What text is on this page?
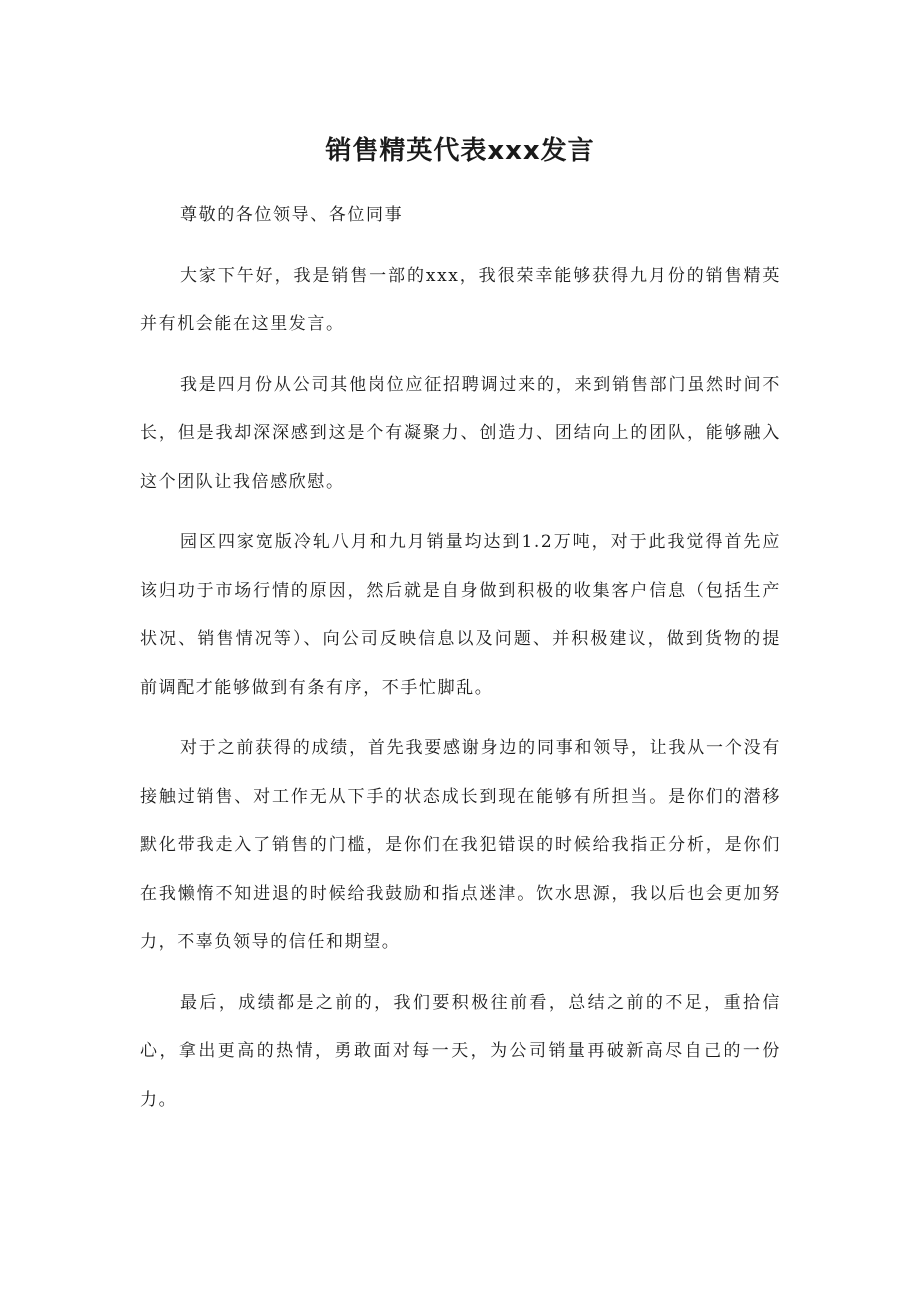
销售精英代表xxx发言

尊敬的各位领导、各位同事

大家下午好，我是销售一部的xxx，我很荣幸能够获得九月份的销售精英并有机会能在这里发言。

我是四月份从公司其他岗位应征招聘调过来的，来到销售部门虽然时间不长，但是我却深深感到这是个有凝聚力、创造力、团结向上的团队，能够融入这个团队让我倍感欣慰。

园区四家宽版冷轧八月和九月销量均达到1.2万吨，对于此我觉得首先应该归功于市场行情的原因，然后就是自身做到积极的收集客户信息（包括生产状况、销售情况等）、向公司反映信息以及问题、并积极建议，做到货物的提前调配才能够做到有条有序，不手忙脚乱。

对于之前获得的成绩，首先我要感谢身边的同事和领导，让我从一个没有接触过销售、对工作无从下手的状态成长到现在能够有所担当。是你们的潜移默化带我走入了销售的门槛，是你们在我犯错误的时候给我指正分析，是你们在我懒惰不知进退的时候给我鼓励和指点迷津。饮水思源，我以后也会更加努力，不辜负领导的信任和期望。

最后，成绩都是之前的，我们要积极往前看，总结之前的不足，重拾信心，拿出更高的热情，勇敢面对每一天，为公司销量再破新高尽自己的一份力。
